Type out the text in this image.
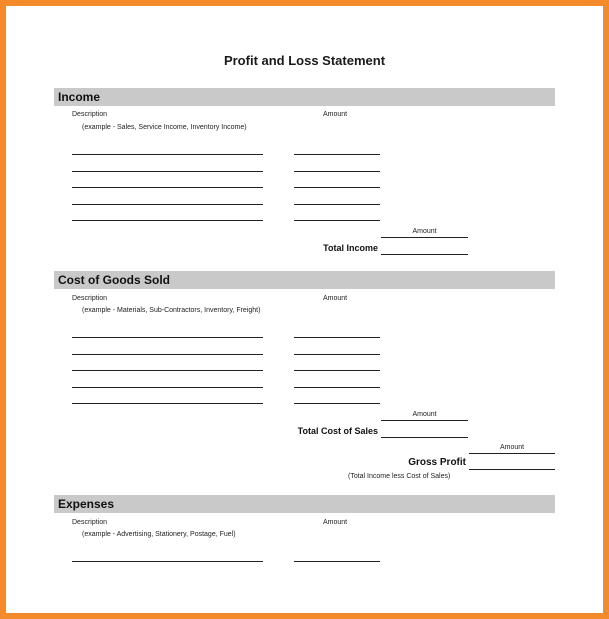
Profit and Loss Statement
Income
Description	Amount
(example - Sales, Service Income, Inventory Income)
Amount
Total Income
Cost of Goods Sold
Description	Amount
(example - Materials, Sub-Contractors, Inventory, Freight)
Amount
Total Cost of Sales
Amount
Gross Profit
(Total Income less Cost of Sales)
Expenses
Description	Amount
(example - Advertising, Stationery, Postage, Fuel)
